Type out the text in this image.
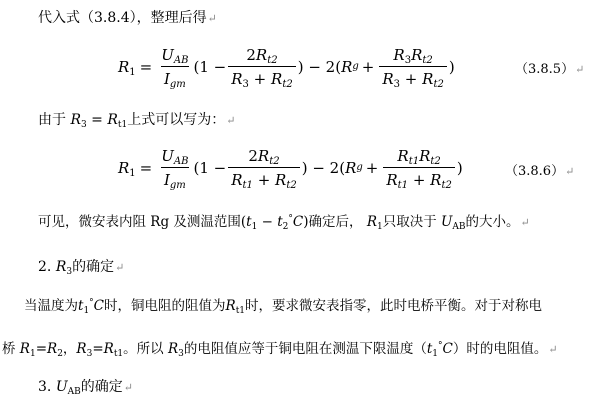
代入式（3.8.4），整理后得↵
$R_1 = \frac{U_{AB}}{I_{gm}} (1 - \frac{2R_{t2}}{R_3 + R_{t2}}$ ) − 2( R $g + \frac{R_3R_{t2}}{R_3 + R_{t2}}$ )	（3.8.5）↵
由于 $R_3 = R_{t1}$上式可以写为：↵
$R_1 = \frac{U_{AB}}{I_{gm}} (1 - \frac{2R_{t2}}{R_{t1} + R_{t2}}$ ) − 2( R $g + \frac{R_{t1}R_{t2}}{R_{t1} + R_{t2}}$ )	（3.8.6）↵
可见，微安表内阻 Rg 及测温范围$(t_1 - t_2^\circ C)$确定后， $R_1$只取决于 $U_{AB}$的大小。↵
2. $R_3$的确定↵
当温度为$t_1^\circ C$时，铜电阻的阻值为$R_{t1}$时，要求微安表指零，此时电桥平衡。对于对称电
桥 $R_1=R_2$，$R_3=R_{t1}$。所以 $R_3$的电阻值应等于铜电阻在测温下限温度$(t_1^\circ C)$时的电阻值。↵
3. $U_{AB}$的确定↵
